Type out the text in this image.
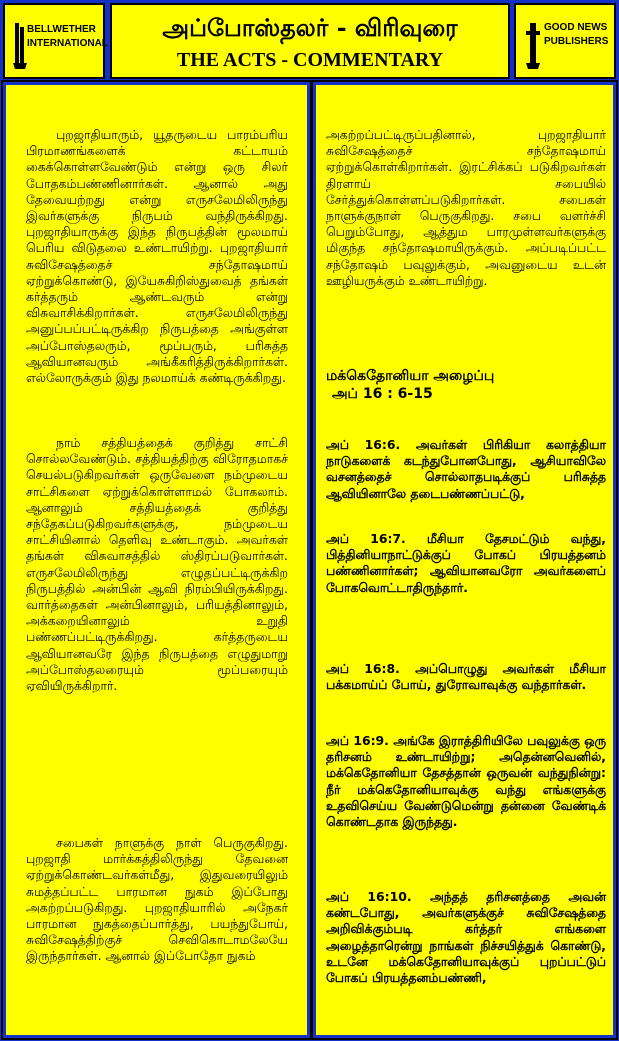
BELLWETHER INTERNATIONAL
அப்போஸ்தலர் - விரிவுரை
THE ACTS - COMMENTARY
GOOD NEWS PUBLISHERS

புறஜாதியாரும், யூதருடைய பாரம்பரிய பிரமாணங்களைக் கட்டாயம் கைக்கொள்ளவேண்டும் என்று ஒரு சிலர் போதகம்பண்ணினார்கள். ஆனால் அது தேவையற்றது என்று எருசலேமிலிருந்து இவர்களுக்கு நிருபம் வந்திருக்கிறது. புறஜாதியாருக்கு இந்த நிருபத்தின் மூலமாய் பெரிய விடுதலை உண்டாயிற்று. புறஜாதியார் சுவிசேஷத்தைச் சந்தோஷமாய் ஏற்றுக்கொண்டு, இயேசுகிறிஸ்துவைத் தங்கள் கர்த்தரும் ஆண்டவரும் என்று விசுவாசிக்கிறார்கள். எருசலேமிலிருந்து அனுப்பப்பட்டிருக்கிற நிருபத்தை அங்குள்ள அப்போஸ்தலரும், மூப்பரும், பரிசுத்த ஆவியானவரும் அங்கீகரித்திருக்கிறார்கள். எல்லோருக்கும் இது நலமாய்க் கண்டிருக்கிறது.

நாம் சத்தியத்தைக் குறித்து சாட்சி சொல்லவேண்டும். சத்தியத்திற்கு விரோதமாகச் செயல்படுகிறவர்கள் ஒருவேளை நம்முடைய சாட்சிகளை ஏற்றுக்கொள்ளாமல் போகலாம். ஆனாலும் சத்தியத்தைக் குறித்து சந்தேகப்படுகிறவர்களுக்கு, நம்முடைய சாட்சியினால் தெளிவு உண்டாகும். அவர்கள் தங்கள் விசுவாசத்தில் ஸ்திரப்படுவார்கள். எருசலேமிலிருந்து எழுதப்பட்டிருக்கிற நிருபத்தில் அன்பின் ஆவி நிரம்பியிருக்கிறது. வார்த்தைகள் அன்பினாலும், பரியத்தினாலும், அக்கறையினாலும் உறுதி பண்ணப்பட்டிருக்கிறது. கர்த்தருடைய ஆவியானவரே இந்த நிருபத்தை எழுதுமாறு அப்போஸ்தலரையும் மூப்பரையும் ஏவியிருக்கிறார்.

சபைகள் நாளுக்கு நாள் பெருகுகிறது. புறஜாதி மார்க்கத்திலிருந்து தேவனை ஏற்றுக்கொண்டவர்கள்மீது, இதுவரையிலும் சுமத்தப்பட்ட பாரமான நுகம் இப்போது அகற்றப்படுகிறது. புறஜாதியாரில் அநேகர் பாரமான நுகத்தைப்பார்த்து, பயந்துபோய், சுவிசேஷத்திற்குச் செவிகொடாமலேயே இருந்தார்கள். ஆனால் இப்போதோ நுகம்

அகற்றப்பட்டிருப்பதினால், புறஜாதியார் சுவிசேஷத்தைச் சந்தோஷமாய் ஏற்றுக்கொள்கிறார்கள். இரட்சிக்கப் படுகிறவர்கள் திரளாய் சபையில் சேர்த்துக்கொள்ளப்படுகிறார்கள். சபைகள் நாளுக்குநாள் பெருகுகிறது. சபை வளர்ச்சி பெறும்போது, ஆத்தும பாரமுள்ளவர்களுக்கு மிகுந்த சந்தோஷமாயிருக்கும். அப்படிப்பட்ட சந்தோஷம் பவுலுக்கும், அவனுடைய உடன் ஊழியருக்கும் உண்டாயிற்று.

மக்கெதோனியா அழைப்பு
அப் 16 : 6-15

அப் 16:6. அவர்கள் பிரிகியா கலாத்தியா நாடுகளைக் கடந்துபோனபோது, ஆசியாவிலே வசனத்தைச் சொல்லாதபடிக்குப் பரிசுத்த ஆவியினாலே தடைபண்ணப்பட்டு,

அப் 16:7. மீசியா தேசமட்டும் வந்து, பித்தினியாநாட்டுக்குப் போகப் பிரயத்தனம் பண்ணினார்கள்; ஆவியானவரோ அவர்களைப் போகவொட்டாதிருந்தார்.

அப் 16:8. அப்பொழுது அவர்கள் மீசியா பக்கமாய்ப் போய், துரோவாவுக்கு வந்தார்கள்.

அப் 16:9. அங்கே இராத்திரியிலே பவுலுக்கு ஒரு தரிசனம் உண்டாயிற்று; அதென்னவெனில், மக்கெதோனியா தேசத்தான் ஒருவன் வந்துநின்று: நீர் மக்கெதோனியாவுக்கு வந்து எங்களுக்கு உதவிசெய்ய வேண்டுமென்று தன்னை வேண்டிக் கொண்டதாக இருந்தது.

அப் 16:10. அந்தத் தரிசனத்தை அவன் கண்டபோது, அவர்களுக்குச் சுவிசேஷத்தை அறிவிக்கும்படி கர்த்தர் எங்களை அழைத்தாரென்று நாங்கள் நிச்சயித்துக் கொண்டு, உடனே மக்கெதோனியாவுக்குப் புறப்பட்டுப் போகப் பிரயத்தனம்பண்ணி,
